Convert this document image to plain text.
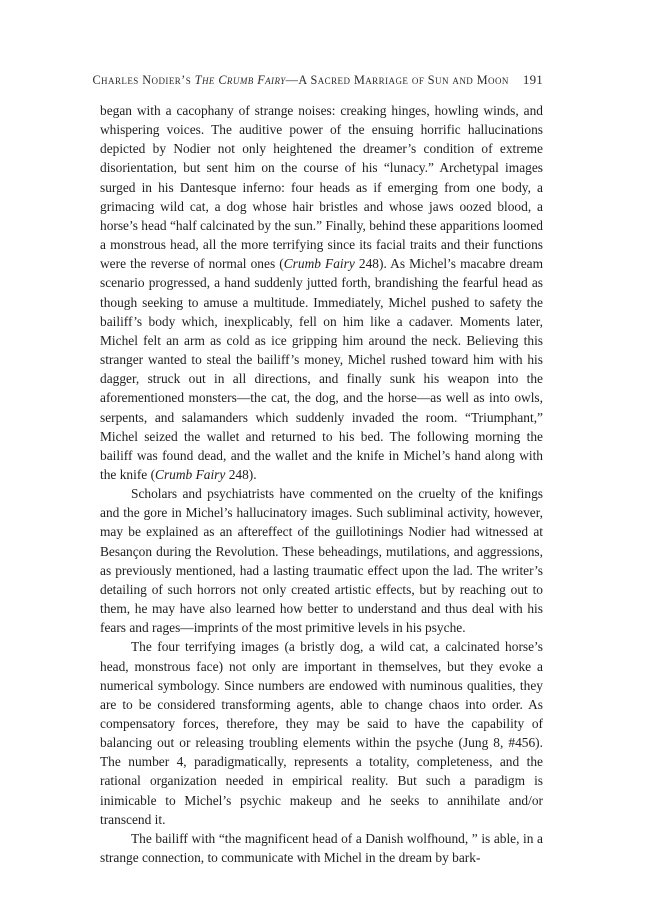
Charles Nodier’s The Crumb Fairy—A Sacred Marriage of Sun and Moon 191

began with a cacophany of strange noises: creaking hinges, howling winds, and whispering voices. The auditive power of the ensuing horrific hallucinations depicted by Nodier not only heightened the dreamer’s condition of extreme disorientation, but sent him on the course of his “lunacy.” Archetypal images surged in his Dantesque inferno: four heads as if emerging from one body, a grimacing wild cat, a dog whose hair bristles and whose jaws oozed blood, a horse’s head “half calcinated by the sun.” Finally, behind these apparitions loomed a monstrous head, all the more terrifying since its facial traits and their functions were the reverse of normal ones (Crumb Fairy 248). As Michel’s macabre dream scenario progressed, a hand suddenly jutted forth, brandishing the fearful head as though seeking to amuse a multitude. Immediately, Michel pushed to safety the bailiff’s body which, inexplicably, fell on him like a cadaver. Moments later, Michel felt an arm as cold as ice gripping him around the neck. Believing this stranger wanted to steal the bailiff’s money, Michel rushed toward him with his dagger, struck out in all directions, and finally sunk his weapon into the aforementioned monsters—the cat, the dog, and the horse—as well as into owls, serpents, and salamanders which suddenly invaded the room. “Triumphant,” Michel seized the wallet and returned to his bed. The following morning the bailiff was found dead, and the wallet and the knife in Michel’s hand along with the knife (Crumb Fairy 248).

Scholars and psychiatrists have commented on the cruelty of the knifings and the gore in Michel’s hallucinatory images. Such subliminal activity, however, may be explained as an aftereffect of the guillotinings Nodier had witnessed at Besançon during the Revolution. These beheadings, mutilations, and aggressions, as previously mentioned, had a lasting traumatic effect upon the lad. The writer’s detailing of such horrors not only created artistic effects, but by reaching out to them, he may have also learned how better to understand and thus deal with his fears and rages—imprints of the most primitive levels in his psyche.

The four terrifying images (a bristly dog, a wild cat, a calcinated horse’s head, monstrous face) not only are important in themselves, but they evoke a numerical symbology. Since numbers are endowed with numinous qualities, they are to be considered transforming agents, able to change chaos into order. As compensatory forces, therefore, they may be said to have the capability of balancing out or releasing troubling elements within the psyche (Jung 8, #456). The number 4, paradigmatically, represents a totality, completeness, and the rational organization needed in empirical reality. But such a paradigm is inimicable to Michel’s psychic makeup and he seeks to annihilate and/or transcend it.

The bailiff with “the magnificent head of a Danish wolfhound, ” is able, in a strange connection, to communicate with Michel in the dream by bark-
